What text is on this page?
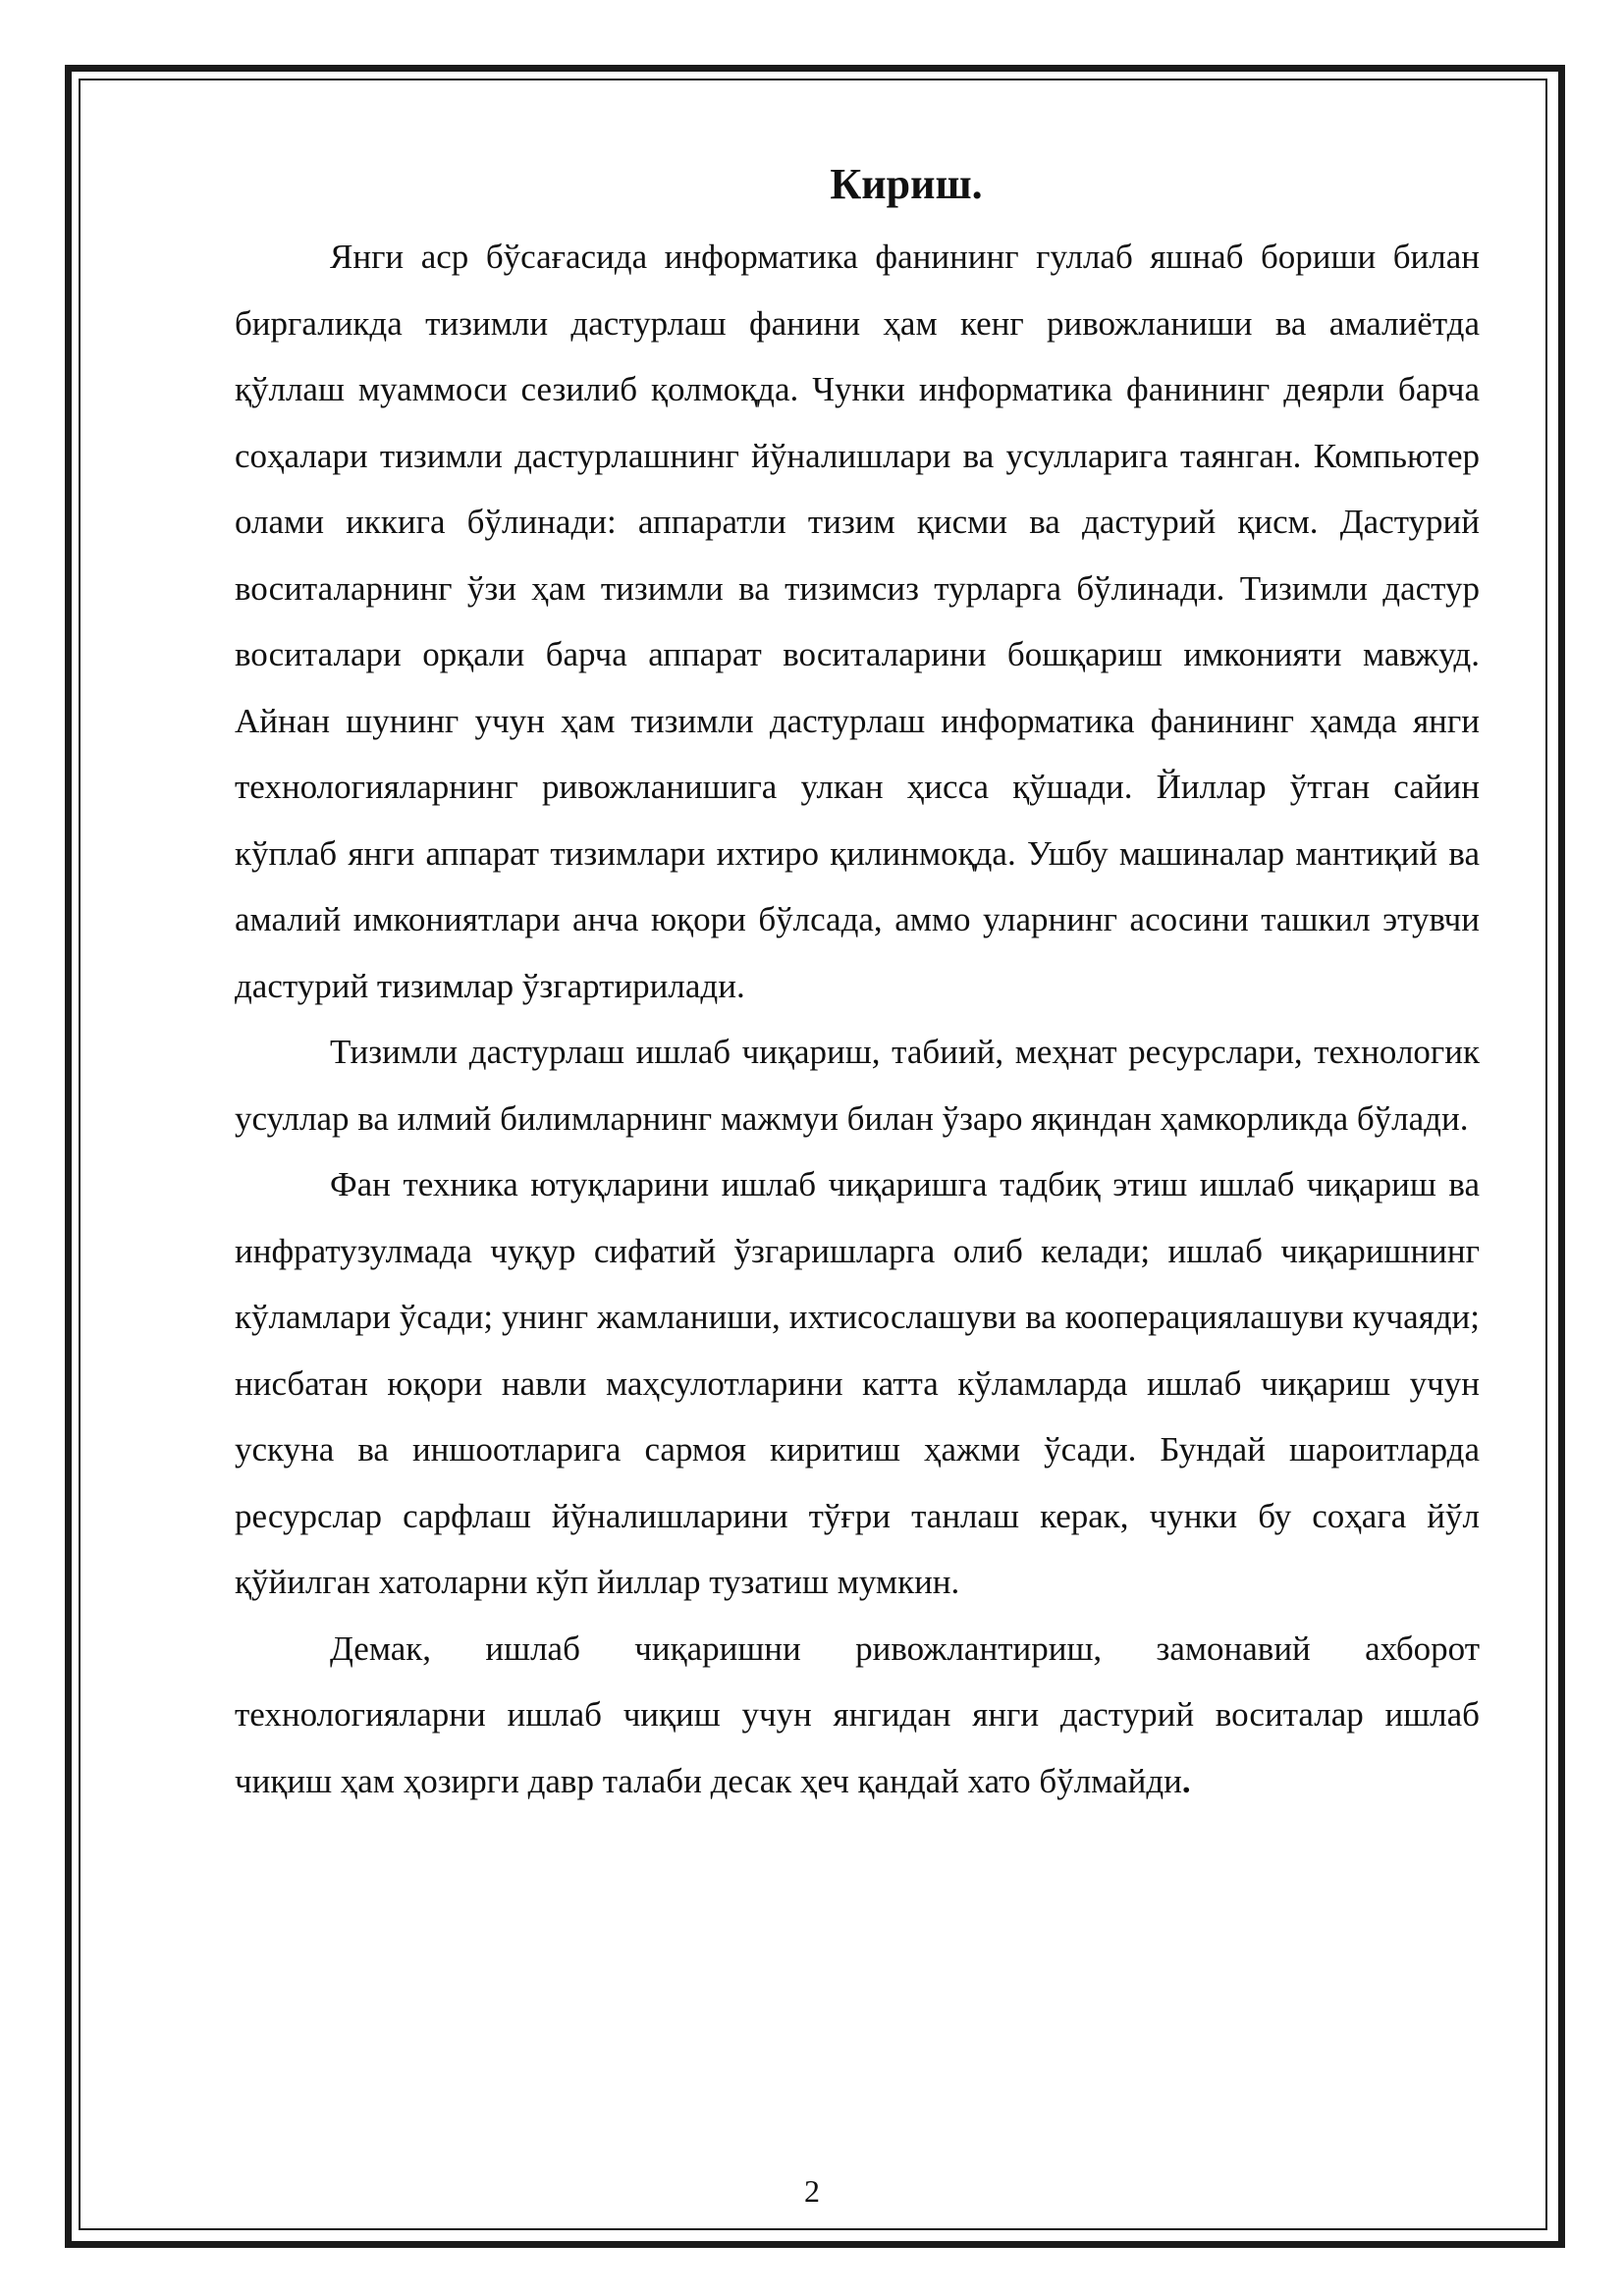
Кириш.

Янги аср бўсағасида информатика фанининг гуллаб яшнаб бориши билан биргаликда тизимли дастурлаш фанини ҳам кенг ривожланиши ва амалиётда қўллаш муаммоси сезилиб қолмоқда. Чунки информатика фанининг деярли барча соҳалари тизимли дастурлашнинг йўналишлари ва усулларига таянган. Компьютер олами иккига бўлинади: аппаратли тизим қисми ва дастурий қисм. Дастурий воситаларнинг ўзи ҳам тизимли ва тизимсиз турларга бўлинади. Тизимли дастур воситалари орқали барча аппарат воситаларини бошқариш имконияти мавжуд. Айнан шунинг учун ҳам тизимли дастурлаш информатика фанининг ҳамда янги технологияларнинг ривожланишига улкан ҳисса қўшади. Йиллар ўтган сайин кўплаб янги аппарат тизимлари ихтиро қилинмоқда. Ушбу машиналар мантиқий ва амалий имкониятлари анча юқори бўлсада, аммо уларнинг асосини ташкил этувчи дастурий тизимлар ўзгартирилади.

Тизимли дастурлаш ишлаб чиқариш, табиий, меҳнат ресурслари, технологик усуллар ва илмий билимларнинг мажмуи билан ўзаро яқиндан ҳамкорликда бўлади.

Фан техника ютуқларини ишлаб чиқаришга тадбиқ этиш ишлаб чиқариш ва инфратузулмада чуқур сифатий ўзгаришларга олиб келади; ишлаб чиқаришнинг кўламлари ўсади; унинг жамланиши, ихтисослашуви ва кооперациялашуви кучаяди; нисбатан юқори навли маҳсулотларини катта кўламларда ишлаб чиқариш учун ускуна ва иншоотларига сармоя киритиш ҳажми ўсади. Бундай шароитларда ресурслар сарфлаш йўналишларини тўғри танлаш керак, чунки бу соҳага йўл қўйилган хатоларни кўп йиллар тузатиш мумкин.

Демак, ишлаб чиқаришни ривожлантириш, замонавий ахборот технологияларни ишлаб чиқиш учун янгидан янги дастурий воситалар ишлаб чиқиш ҳам ҳозирги давр талаби десак ҳеч қандай хато бўлмайди.

2
